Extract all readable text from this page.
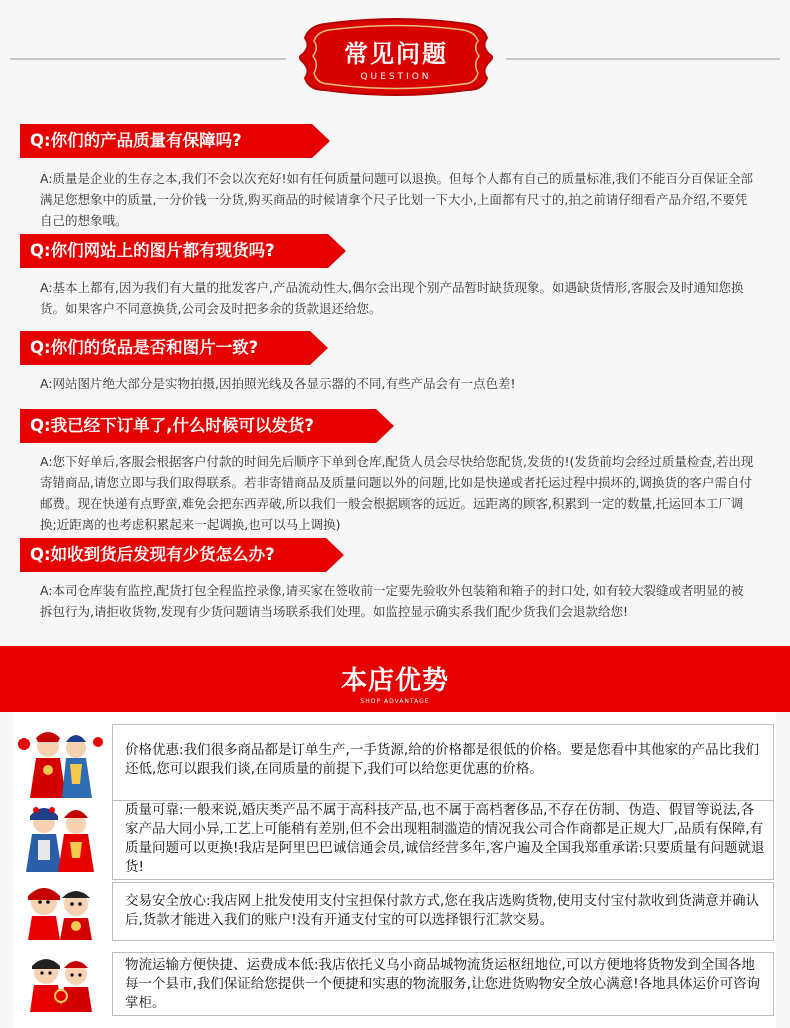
常见问题
QUESTION
Q:你们的产品质量有保障吗?
A:质量是企业的生存之本,我们不会以次充好!如有任何质量问题可以退换。但每个人都有自己的质量标准,我们不能百分百保证全部满足您想象中的质量,一分价钱一分货,购买商品的时候请拿个尺子比划一下大小,上面都有尺寸的,拍之前请仔细看产品介绍,不要凭自己的想象哦。
Q:你们网站上的图片都有现货吗?
A:基本上都有,因为我们有大量的批发客户,产品流动性大,偶尔会出现个别产品暂时缺货现象。如遇缺货情形,客服会及时通知您换货。如果客户不同意换货,公司会及时把多余的货款退还给您。
Q:你们的货品是否和图片一致?
A:网站图片绝大部分是实物拍摄,因拍照光线及各显示器的不同,有些产品会有一点色差!
Q:我已经下订单了,什么时候可以发货?
A:您下好单后,客服会根据客户付款的时间先后顺序下单到仓库,配货人员会尽快给您配货,发货的!(发货前均会经过质量检查,若出现寄错商品,请您立即与我们取得联系。若非寄错商品及质量问题以外的问题,比如是快递或者托运过程中损坏的,调换货的客户需自付邮费。现在快递有点野蛮,难免会把东西弄破,所以我们一般会根据顾客的远近。远距离的顾客,积累到一定的数量,托运回本工厂调换;近距离的也考虑积累起来一起调换,也可以马上调换)
Q:如收到货后发现有少货怎么办?
A:本司仓库装有监控,配货打包全程监控录像,请买家在签收前一定要先验收外包装箱和箱子的封口处, 如有较大裂缝或者明显的被拆包行为,请拒收货物,发现有少货问题请当场联系我们处理。如监控显示确实系我们配少货我们会退款给您!
本店优势
SHOP ADVANTAGE
价格优惠:我们很多商品都是订单生产,一手货源,给的价格都是很低的价格。要是您看中其他家的产品比我们还低,您可以跟我们谈,在同质量的前提下,我们可以给您更优惠的价格。
质量可靠:一般来说,婚庆类产品不属于高科技产品,也不属于高档奢侈品,不存在仿制、伪造、假冒等说法,各家产品大同小异,工艺上可能稍有差别,但不会出现粗制滥造的情况我公司合作商都是正规大厂,品质有保障,有质量问题可以更换!我店是阿里巴巴诚信通会员,诚信经营多年,客户遍及全国我郑重承诺:只要质量有问题就退货!
交易安全放心:我店网上批发使用支付宝担保付款方式,您在我店选购货物,使用支付宝付款收到货满意并确认后,货款才能进入我们的账户!没有开通支付宝的可以选择银行汇款交易。
物流运输方便快捷、运费成本低:我店依托义乌小商品城物流货运枢纽地位,可以方便地将货物发到全国各地每一个县市,我们保证给您提供一个便捷和实惠的物流服务,让您进货购物安全放心满意!各地具体运价可咨询掌柜。
